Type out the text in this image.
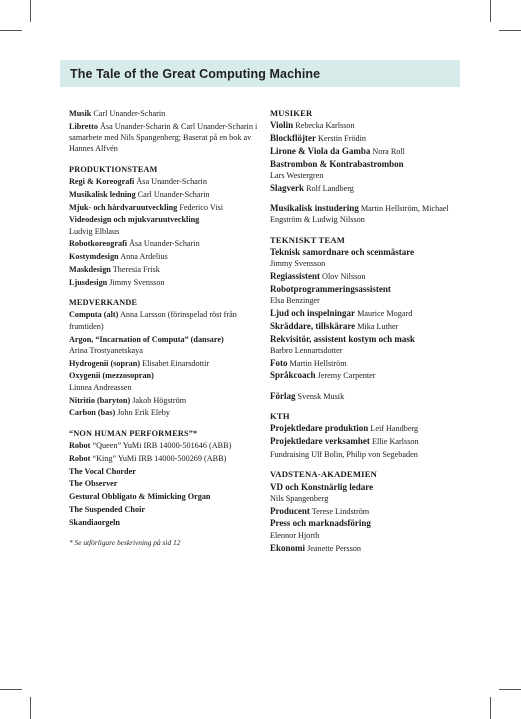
The Tale of the Great Computing Machine
Musik Carl Unander-Scharin
Libretto Åsa Unander-Scharin & Carl Unander-Scharin i samarbete med Nils Spangenberg; Baserat på en bok av Hannes Alfvén
PRODUKTIONSTEAM
Regi & Koreografi Åsa Unander-Scharin
Musikalisk ledning Carl Unander-Scharin
Mjuk- och hårdvaruutveckling Federico Visi
Videodesign och mjukvaruutveckling
Ludvig Elblaus
Robotkoreografi Åsa Unander-Scharin
Kostymdesign Anna Ardelius
Maskdesign Theresia Frisk
Ljusdesign Jimmy Svensson
MEDVERKANDE
Computa (alt) Anna Larsson (förinspelad röst från framtiden)
Argon, “Incarnation of Computa” (dansare)
Arina Trostyanetskaya
Hydrogenii (sopran) Elisabet Einarsdottir
Oxygenii (mezzosopran)
Linnea Andreassen
Nitritio (baryton) Jakob Högström
Carbon (bas) John Erik Eleby
“NON HUMAN PERFORMERS”*
Robot “Queen” YuMi IRB 14000-501646 (ABB)
Robot “King” YuMi IRB 14000-500269 (ABB)
The Vocal Chorder
The Observer
Gestural Obbligato & Mimicking Organ
The Suspended Choir
Skandiaorgeln
* Se utförligare beskrivning på sid 12
MUSIKER
Violin Rebecka Karlsson
Blockflöjter Kerstin Frödin
Lirone & Viola da Gamba Nora Roll
Bastrombon & Kontrabastrombon
Lars Westergren
Slagverk Rolf Landberg
Musikalisk instudering Martin Hellström, Michael Engström & Ludwig Nilsson
TEKNISKT TEAM
Teknisk samordnare och scenmästare
Jimmy Svensson
Regiassistent Olov Nilsson
Robotprogrammeringsassistent
Elsa Benzinger
Ljud och inspelningar Maurice Mogard
Skräddare, tillskärare Mika Luther
Rekvisitör, assistent kostym och mask
Barbro Lennartsdotter
Foto Martin Hellström
Språkcoach Jeremy Carpenter
Förlag Svensk Musik
KTH
Projektledare produktion Leif Handberg
Projektledare verksamhet Ellie Karlsson
Fundraising Ulf Bolin, Philip von Segebaden
VADSTENA-AKADEMIEN
VD och Konstnärlig ledare
Nils Spangenberg
Producent Terese Lindström
Press och marknadsföring
Eleonor Hjorth
Ekonomi Jeanette Persson
